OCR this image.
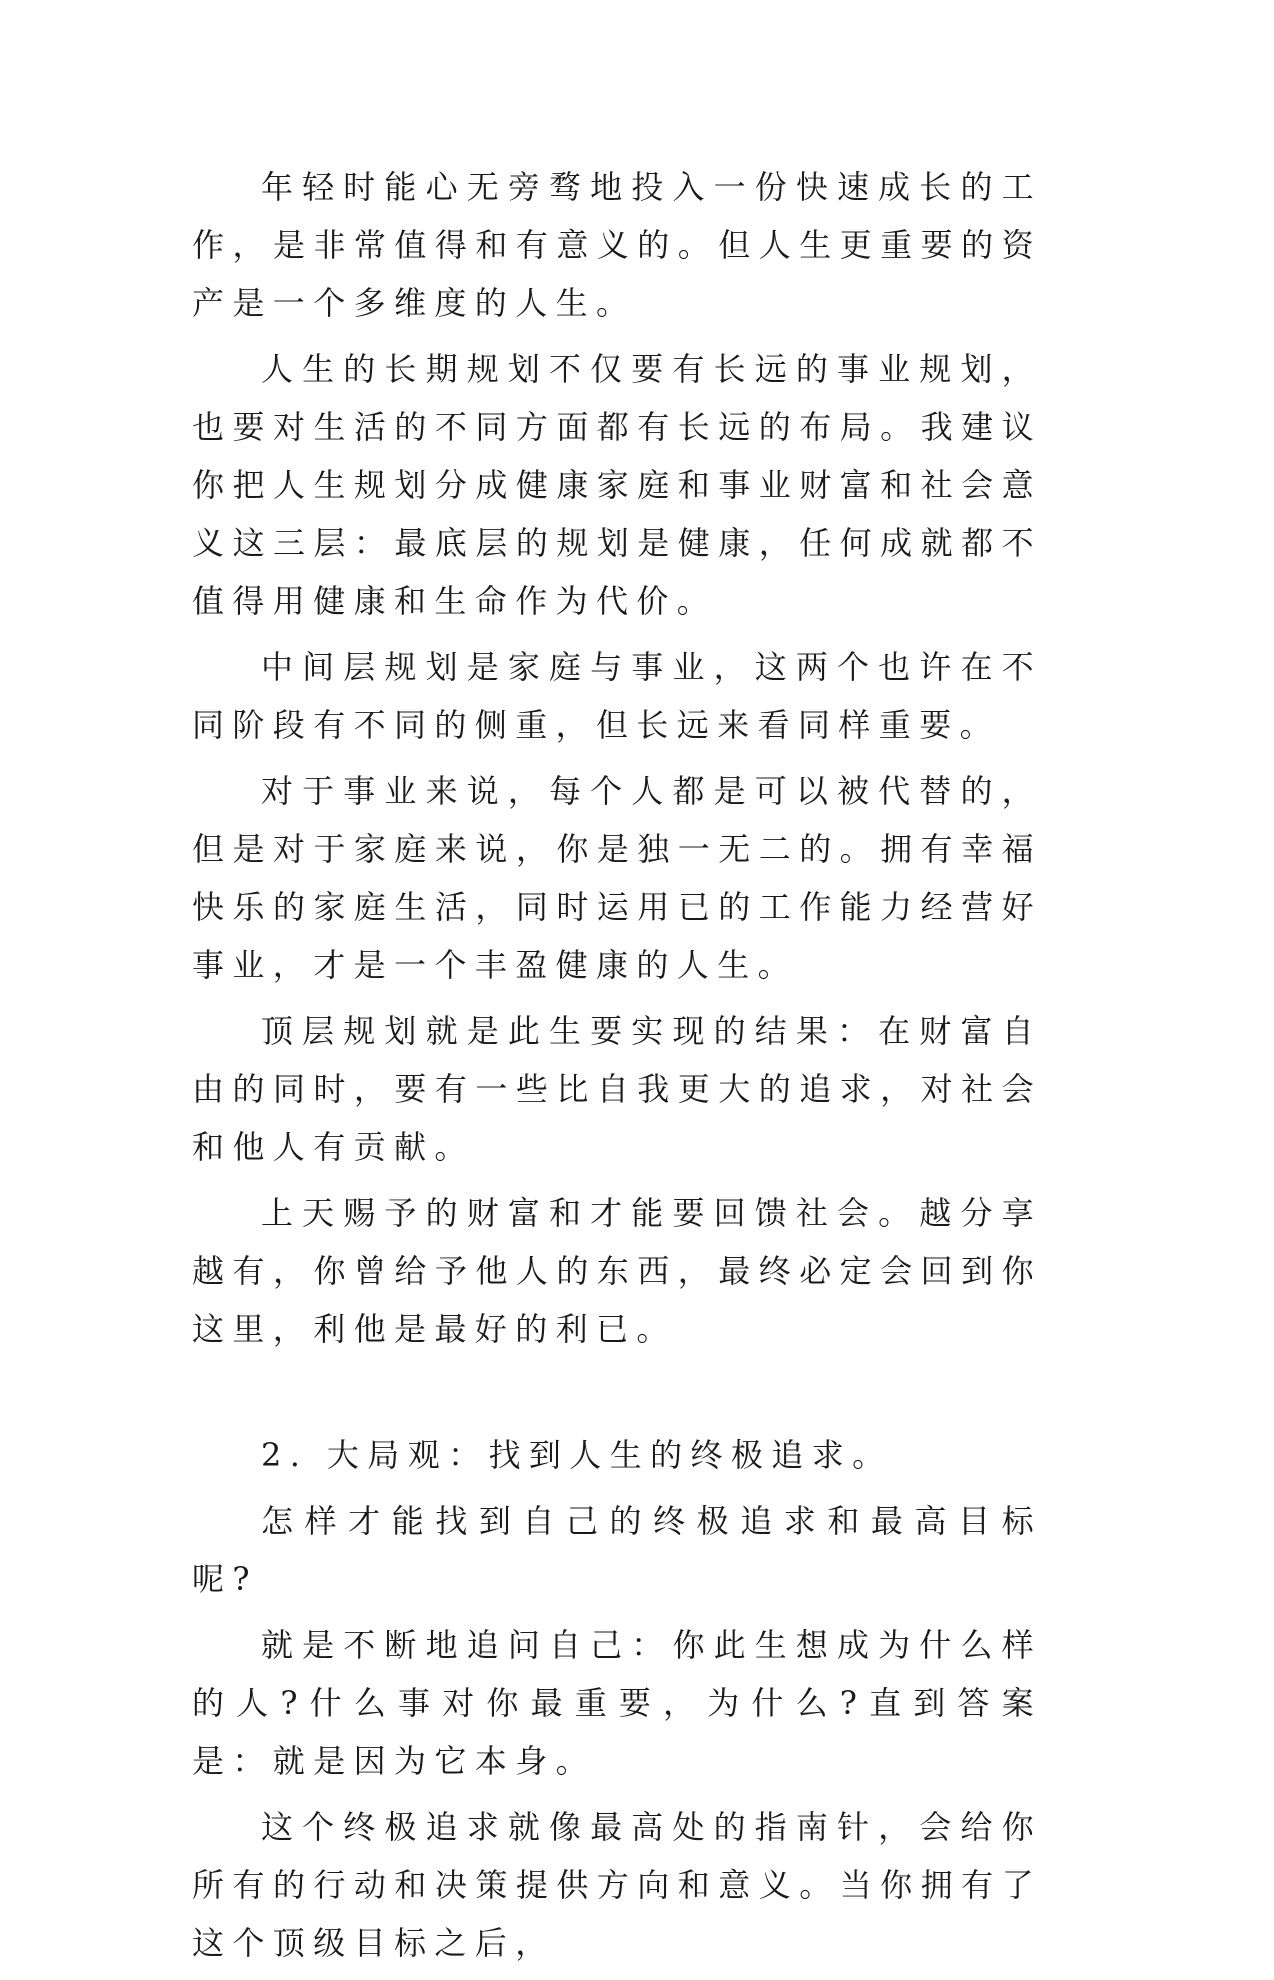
年轻时能心无旁骛地投入一份快速成长的工作，是非常值得和有意义的。但人生更重要的资产是一个多维度的人生。

人生的长期规划不仅要有长远的事业规划，也要对生活的不同方面都有长远的布局。我建议你把人生规划分成健康家庭和事业财富和社会意义这三层：最底层的规划是健康，任何成就都不值得用健康和生命作为代价。

中间层规划是家庭与事业，这两个也许在不同阶段有不同的侧重，但长远来看同样重要。

对于事业来说，每个人都是可以被代替的，但是对于家庭来说，你是独一无二的。拥有幸福快乐的家庭生活，同时运用已的工作能力经营好事业，才是一个丰盈健康的人生。

顶层规划就是此生要实现的结果：在财富自由的同时，要有一些比自我更大的追求，对社会和他人有贡献。

上天赐予的财富和才能要回馈社会。越分享越有，你曾给予他人的东西，最终必定会回到你这里，利他是最好的利已。

2. 大局观：找到人生的终极追求。

怎样才能找到自己的终极追求和最高目标呢?

就是不断地追问自己：你此生想成为什么样的人?什么事对你最重要，为什么?直到答案是：就是因为它本身。

这个终极追求就像最高处的指南针，会给你所有的行动和决策提供方向和意义。当你拥有了这个顶级目标之后，
